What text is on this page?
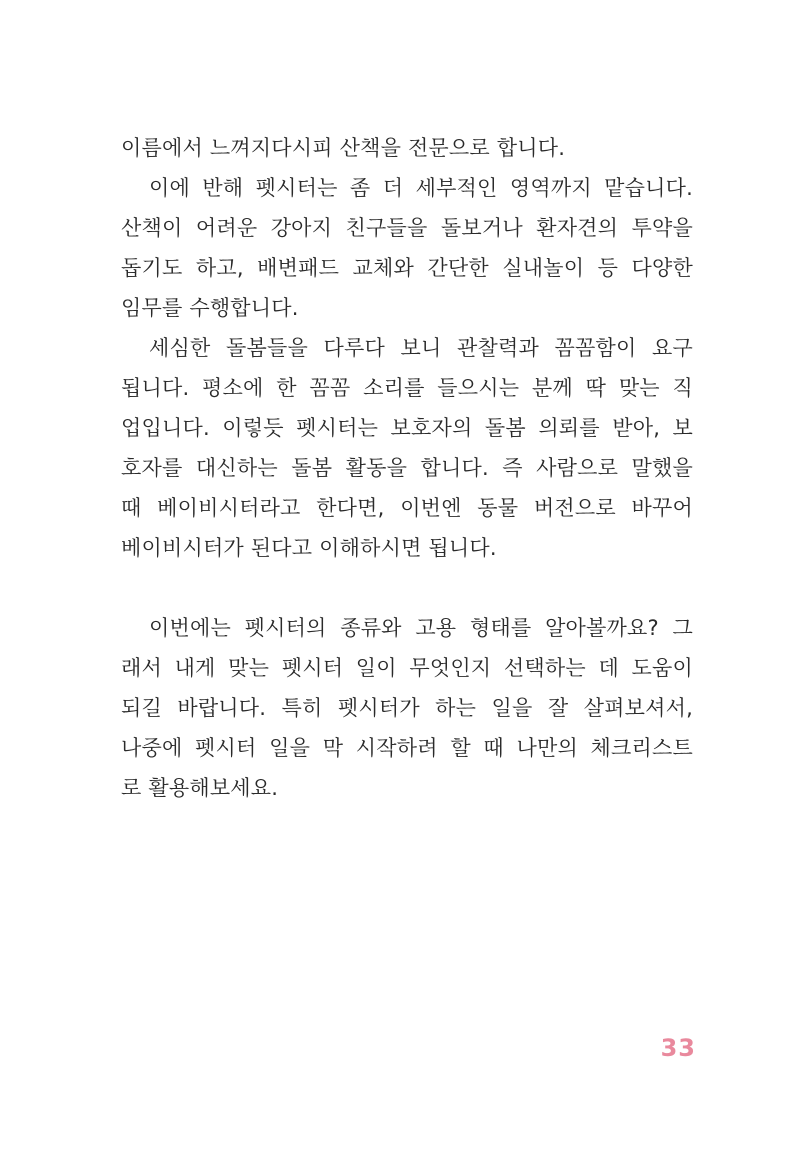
이름에서 느껴지다시피 산책을 전문으로 합니다.
이에 반해 펫시터는 좀 더 세부적인 영역까지 맡습니다.
산책이 어려운 강아지 친구들을 돌보거나 환자견의 투약을
돕기도 하고, 배변패드 교체와 간단한 실내놀이 등 다양한
임무를 수행합니다.
세심한 돌봄들을 다루다 보니 관찰력과 꼼꼼함이 요구
됩니다. 평소에 한 꼼꼼 소리를 들으시는 분께 딱 맞는 직
업입니다. 이렇듯 펫시터는 보호자의 돌봄 의뢰를 받아, 보
호자를 대신하는 돌봄 활동을 합니다. 즉 사람으로 말했을
때 베이비시터라고 한다면, 이번엔 동물 버전으로 바꾸어
베이비시터가 된다고 이해하시면 됩니다.
이번에는 펫시터의 종류와 고용 형태를 알아볼까요? 그
래서 내게 맞는 펫시터 일이 무엇인지 선택하는 데 도움이
되길 바랍니다. 특히 펫시터가 하는 일을 잘 살펴보셔서,
나중에 펫시터 일을 막 시작하려 할 때 나만의 체크리스트
로 활용해보세요.
33
